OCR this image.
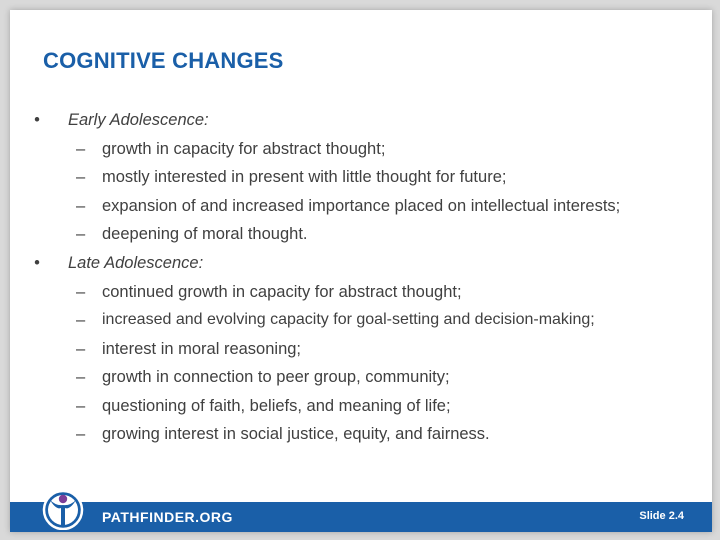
COGNITIVE CHANGES
• Early Adolescence:
– growth in capacity for abstract thought;
– mostly interested in present with little thought for future;
– expansion of and increased importance placed on intellectual interests;
– deepening of moral thought.
• Late Adolescence:
– continued growth in capacity for abstract thought;
– increased and evolving capacity for goal-setting and decision-making;
– interest in moral reasoning;
– growth in connection to peer group, community;
– questioning of faith, beliefs, and meaning of life;
– growing interest in social justice, equity, and fairness.
PATHFINDER.ORG	Slide 2.4
